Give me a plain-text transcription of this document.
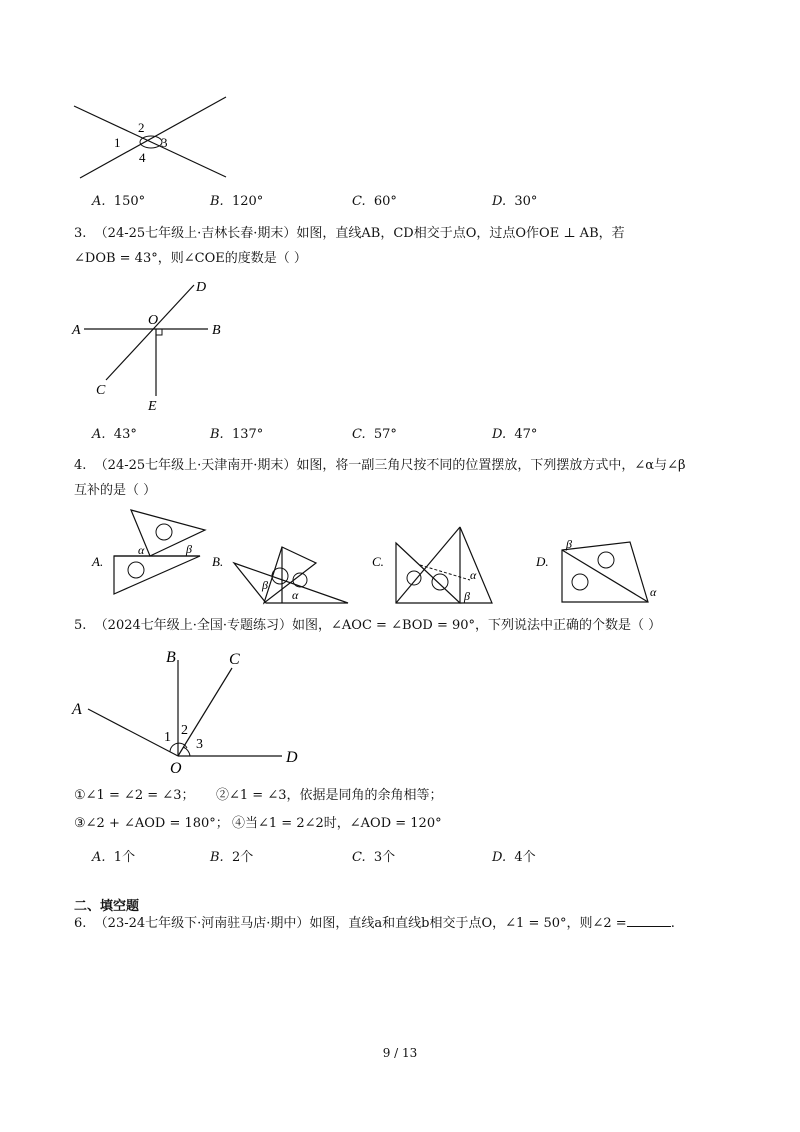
1
2
3
4
A. 150°	B. 120°	C. 60°	D. 30°
3. （24-25七年级上·吉林长春·期末）如图，直线AB，CD相交于点O，过点O作OE ⊥ AB，若
∠DOB = 43°，则∠COE的度数是（ ）
A	B
C
D
E
O
A. 43°	B. 137°	C. 57°	D. 47°
4. （24-25七年级上·天津南开·期末）如图，将一副三角尺按不同的位置摆放，下列摆放方式中，∠α与∠β
互补的是（ ）
A.
α	β
B.
β
α
C.
α
β
D.
β
α
5. （2024七年级上·全国·专题练习）如图，∠AOC = ∠BOD = 90°，下列说法中正确的个数是（ ）
A
B	C
D
O
1 2
3
①∠1 = ∠2 = ∠3； ②∠1 = ∠3，依据是同角的余角相等；
③∠2 + ∠AOD = 180°； ④当∠1 = 2∠2时，∠AOD = 120°
A. 1个	B. 2个	C. 3个	D. 4个
二、填空题
6. （23-24七年级下·河南驻马店·期中）如图，直线a和直线b相交于点O，∠1 = 50°，则∠2 =	.
9 / 13
